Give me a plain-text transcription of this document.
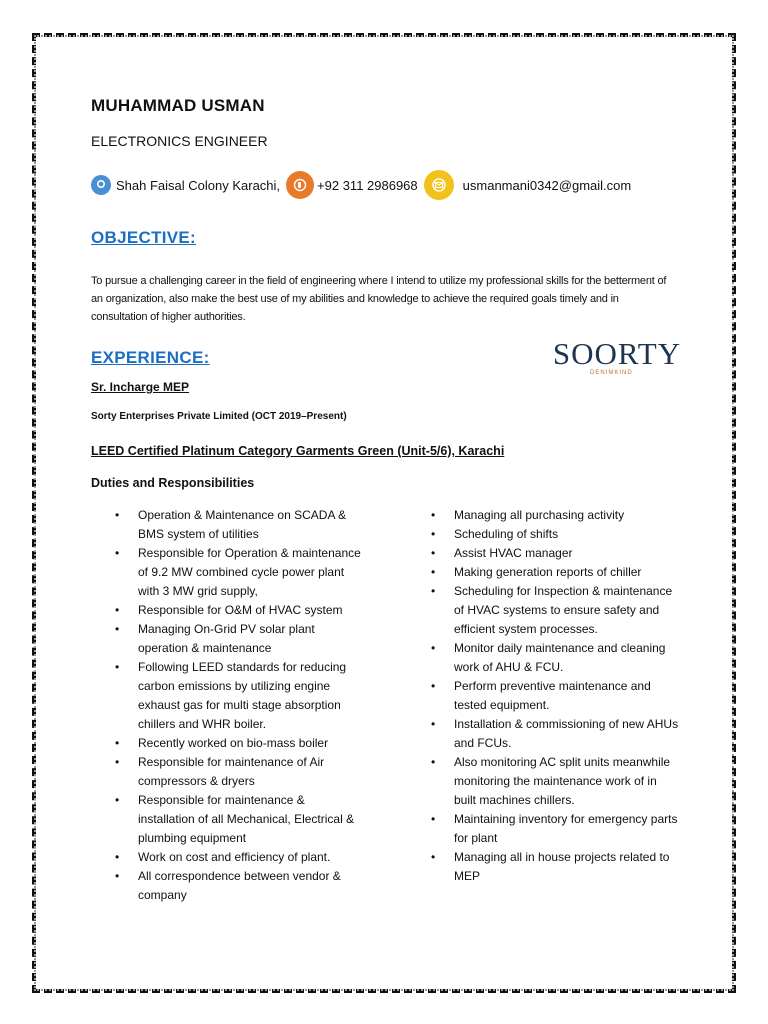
MUHAMMAD USMAN
ELECTRONICS ENGINEER
Shah Faisal Colony Karachi,	+92 311 2986968	usmanmani0342@gmail.com
OBJECTIVE:
To pursue a challenging career in the field of engineering where I intend to utilize my professional skills for the betterment of an organization, also make the best use of my abilities and knowledge to achieve the required goals timely and in consultation of higher authorities.
EXPERIENCE:	SOORTY
DENIMKIND
Sr. Incharge MEP
Sorty Enterprises Private Limited (OCT 2019–Present)
LEED Certified Platinum Category Garments Green (Unit-5/6), Karachi
Duties and Responsibilities
• Operation & Maintenance on SCADA & BMS system of utilities
• Responsible for Operation & maintenance of 9.2 MW combined cycle power plant with 3 MW grid supply,
• Responsible for O&M of HVAC system
• Managing On-Grid PV solar plant operation & maintenance
• Following LEED standards for reducing carbon emissions by utilizing engine exhaust gas for multi stage absorption chillers and WHR boiler.
• Recently worked on bio-mass boiler
• Responsible for maintenance of Air compressors & dryers
• Responsible for maintenance & installation of all Mechanical, Electrical & plumbing equipment
• Work on cost and efficiency of plant.
• All correspondence between vendor & company
• Managing all purchasing activity
• Scheduling of shifts
• Assist HVAC manager
• Making generation reports of chiller
• Scheduling for Inspection & maintenance of HVAC systems to ensure safety and efficient system processes.
• Monitor daily maintenance and cleaning work of AHU & FCU.
• Perform preventive maintenance and tested equipment.
• Installation & commissioning of new AHUs and FCUs.
• Also monitoring AC split units meanwhile monitoring the maintenance work of in built machines chillers.
• Maintaining inventory for emergency parts for plant
• Managing all in house projects related to MEP
